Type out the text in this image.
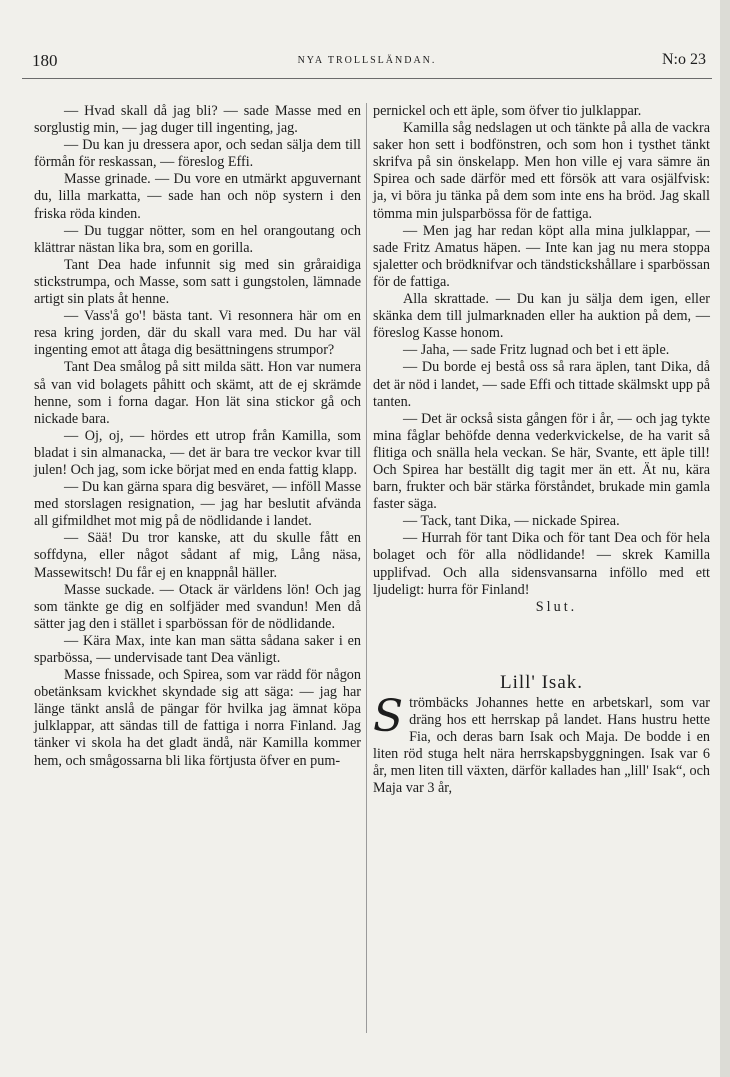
180	NYA TROLLSLÄNDAN.	N:o 23

— Hvad skall då jag bli? — sade Masse med en sorglustig min, — jag duger till ingenting, jag.

— Du kan ju dressera apor, och sedan sälja dem till förmån för reskassan, — föreslog Effi.

Masse grinade. — Du vore en utmärkt apguvernant du, lilla markatta, — sade han och nöp systern i den friska röda kinden.

— Du tuggar nötter, som en hel orangoutang och klättrar nästan lika bra, som en gorilla.

Tant Dea hade infunnit sig med sin gråraidiga stickstrumpa, och Masse, som satt i gungstolen, lämnade artigt sin plats åt henne.

— Vass'å go'! bästa tant. Vi resonnera här om en resa kring jorden, där du skall vara med. Du har väl ingenting emot att åtaga dig besättningens strumpor?

Tant Dea smålog på sitt milda sätt. Hon var numera så van vid bolagets påhitt och skämt, att de ej skrämde henne, som i forna dagar. Hon lät sina stickor gå och nickade bara.

— Oj, oj, — hördes ett utrop från Kamilla, som bladat i sin almanacka, — det är bara tre veckor kvar till julen! Och jag, som icke börjat med en enda fattig klapp.

— Du kan gärna spara dig besväret, — inföll Masse med storslagen resignation, — jag har beslutit afvända all gifmildhet mot mig på de nödlidande i landet.

— Sää! Du tror kanske, att du skulle fått en soffdyna, eller något sådant af mig, Lång näsa, Massewitsch! Du får ej en knappnål häller.

Masse suckade. — Otack är världens lön! Och jag som tänkte ge dig en solfjäder med svandun! Men då sätter jag den i stället i sparbössan för de nödlidande.

— Kära Max, inte kan man sätta sådana saker i en sparbössa, — undervisade tant Dea vänligt.

Masse fnissade, och Spirea, som var rädd för någon obetänksam kvickhet skyndade sig att säga: — jag har länge tänkt anslå de pängar för hvilka jag ämnat köpa julklappar, att sändas till de fattiga i norra Finland. Jag tänker vi skola ha det gladt ändå, när Kamilla kommer hem, och smågossarna bli lika förtjusta öfver en pum-

pernickel och ett äple, som öfver tio julklappar.

Kamilla såg nedslagen ut och tänkte på alla de vackra saker hon sett i bodfönstren, och som hon i tysthet tänkt skrifva på sin önskelapp. Men hon ville ej vara sämre än Spirea och sade därför med ett försök att vara osjälfvisk: ja, vi böra ju tänka på dem som inte ens ha bröd. Jag skall tömma min julsparbössa för de fattiga.

— Men jag har redan köpt alla mina julklappar, — sade Fritz Amatus häpen. — Inte kan jag nu mera stoppa sjaletter och brödknifvar och tändstickshållare i sparbössan för de fattiga.

Alla skrattade. — Du kan ju sälja dem igen, eller skänka dem till julmarknaden eller ha auktion på dem, — föreslog Kasse honom.

— Jaha, — sade Fritz lugnad och bet i ett äple.

— Du borde ej bestå oss så rara äplen, tant Dika, då det är nöd i landet, — sade Effi och tittade skälmskt upp på tanten.

— Det är också sista gången för i år, — och jag tykte mina fåglar behöfde denna vederkvickelse, de ha varit så flitiga och snälla hela veckan. Se här, Svante, ett äple till! Och Spirea har beställt dig tagit mer än ett. Ät nu, kära barn, frukter och bär stärka förståndet, brukade min gamla faster säga.

— Tack, tant Dika, — nickade Spirea.

— Hurrah för tant Dika och för tant Dea och för hela bolaget och för alla nödlidande! — skrek Kamilla upplifvad. Och alla sidensvansarna inföllo med ett ljudeligt: hurra för Finland!

Slut.

Lill' Isak.

Strömbäcks Johannes hette en arbetskarl, som var dräng hos ett herrskap på landet. Hans hustru hette Fia, och deras barn Isak och Maja. De bodde i en liten röd stuga helt nära herrskapsbyggningen. Isak var 6 år, men liten till växten, därför kallades han „lill' Isak“, och Maja var 3 år,
